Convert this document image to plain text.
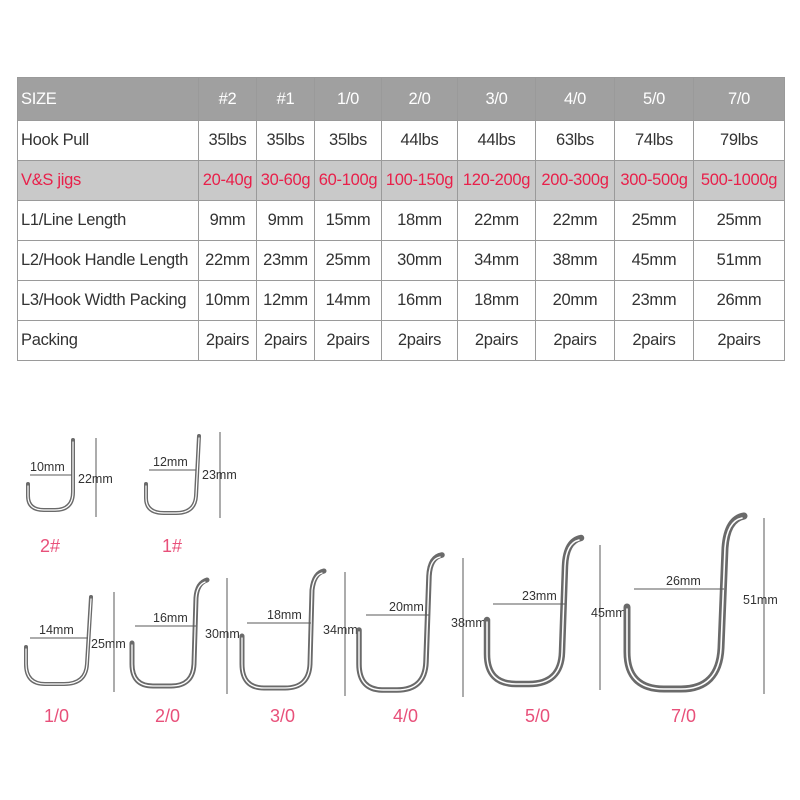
SIZE	#2	#1	1/0	2/0	3/0	4/0	5/0	7/0
Hook Pull	35lbs	35lbs	35lbs	44lbs	44lbs	63lbs	74lbs	79lbs
V&S jigs	20-40g	30-60g	60-100g	100-150g	120-200g	200-300g	300-500g	500-1000g
L1/Line Length	9mm	9mm	15mm	18mm	22mm	22mm	25mm	25mm
L2/Hook Handle Length	22mm	23mm	25mm	30mm	34mm	38mm	45mm	51mm
L3/Hook Width Packing	10mm	12mm	14mm	16mm	18mm	20mm	23mm	26mm
Packing	2pairs	2pairs	2pairs	2pairs	2pairs	2pairs	2pairs	2pairs
10mm
22mm
2#
12mm
23mm
1#
14mm
25mm
1/0
16mm
30mm
2/0
18mm
34mm
3/0
20mm
38mm
4/0
23mm
45mm
5/0
26mm
51mm
7/0
